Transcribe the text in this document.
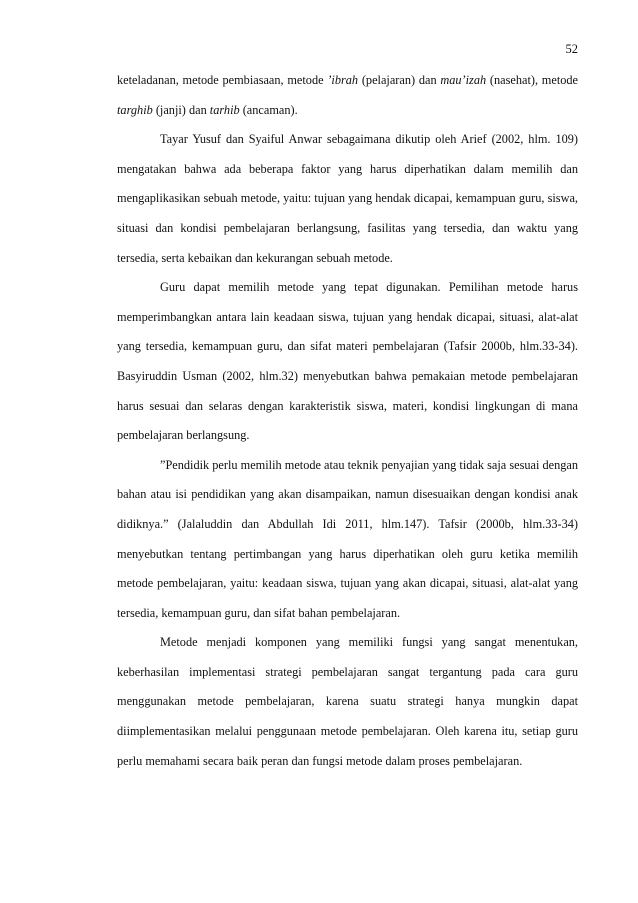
52

keteladanan, metode pembiasaan, metode ’ibrah (pelajaran) dan mau’izah (nasehat), metode targhib (janji) dan tarhib (ancaman).

Tayar Yusuf dan Syaiful Anwar sebagaimana dikutip oleh Arief (2002, hlm. 109) mengatakan bahwa ada beberapa faktor yang harus diperhatikan dalam memilih dan mengaplikasikan sebuah metode, yaitu: tujuan yang hendak dicapai, kemampuan guru, siswa, situasi dan kondisi pembelajaran berlangsung, fasilitas yang tersedia, dan waktu yang tersedia, serta kebaikan dan kekurangan sebuah metode.

Guru dapat memilih metode yang tepat digunakan. Pemilihan metode harus memperimbangkan antara lain keadaan siswa, tujuan yang hendak dicapai, situasi, alat-alat yang tersedia, kemampuan guru, dan sifat materi pembelajaran (Tafsir 2000b, hlm.33-34). Basyiruddin Usman (2002, hlm.32) menyebutkan bahwa pemakaian metode pembelajaran harus sesuai dan selaras dengan karakteristik siswa, materi, kondisi lingkungan di mana pembelajaran berlangsung.

”Pendidik perlu memilih metode atau teknik penyajian yang tidak saja sesuai dengan bahan atau isi pendidikan yang akan disampaikan, namun disesuaikan dengan kondisi anak didiknya.” (Jalaluddin dan Abdullah Idi 2011, hlm.147). Tafsir (2000b, hlm.33-34) menyebutkan tentang pertimbangan yang harus diperhatikan oleh guru ketika memilih metode pembelajaran, yaitu: keadaan siswa, tujuan yang akan dicapai, situasi, alat-alat yang tersedia, kemampuan guru, dan sifat bahan pembelajaran.

Metode menjadi komponen yang memiliki fungsi yang sangat menentukan, keberhasilan implementasi strategi pembelajaran sangat tergantung pada cara guru menggunakan metode pembelajaran, karena suatu strategi hanya mungkin dapat diimplementasikan melalui penggunaan metode pembelajaran. Oleh karena itu, setiap guru perlu memahami secara baik peran dan fungsi metode dalam proses pembelajaran.
